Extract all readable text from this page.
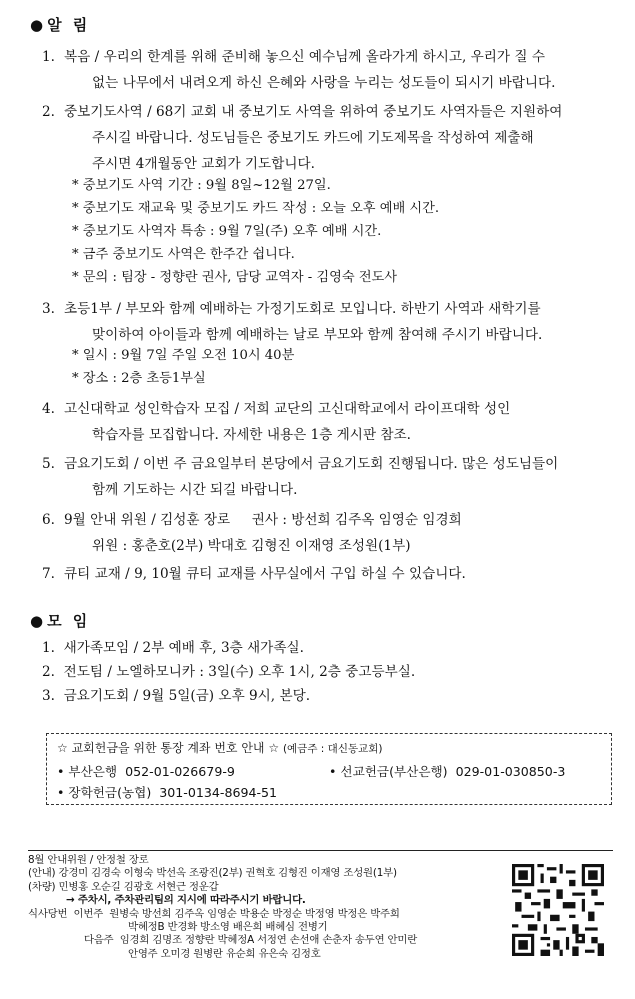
● 알 림
1. 복음 / 우리의 한계를 위해 준비해 놓으신 예수님께 올라가게 하시고, 우리가 질 수
없는 나무에서 내려오게 하신 은혜와 사랑을 누리는 성도들이 되시기 바랍니다.
2. 중보기도사역 / 68기 교회 내 중보기도 사역을 위하여 중보기도 사역자들은 지원하여
주시길 바랍니다. 성도님들은 중보기도 카드에 기도제목을 작성하여 제출해
주시면 4개월동안 교회가 기도합니다.
* 중보기도 사역 기간 : 9월 8일~12월 27일.
* 중보기도 재교육 및 중보기도 카드 작성 : 오늘 오후 예배 시간.
* 중보기도 사역자 특송 : 9월 7일(주) 오후 예배 시간.
* 금주 중보기도 사역은 한주간 쉽니다.
* 문의 : 팀장 - 정향란 권사, 담당 교역자 - 김영숙 전도사
3. 초등1부 / 부모와 함께 예배하는 가정기도회로 모입니다. 하반기 사역과 새학기를
맞이하여 아이들과 함께 예배하는 날로 부모와 함께 참여해 주시기 바랍니다.
* 일시 : 9월 7일 주일 오전 10시 40분
* 장소 : 2층 초등1부실
4. 고신대학교 성인학습자 모집 / 저희 교단의 고신대학교에서 라이프대학 성인
학습자를 모집합니다. 자세한 내용은 1층 게시판 참조.
5. 금요기도회 / 이번 주 금요일부터 본당에서 금요기도회 진행됩니다. 많은 성도님들이
함께 기도하는 시간 되길 바랍니다.
6. 9월 안내 위원 / 김성훈 장로     권사 : 방선희 김주옥 임영순 임경희
위원 : 홍춘호(2부) 박대호 김형진 이재영 조성원(1부)
7. 큐티 교재 / 9, 10월 큐티 교재를 사무실에서 구입 하실 수 있습니다.
● 모 임
1.  새가족모임 / 2부 예배 후, 3층 새가족실.
2.  전도팀 / 노엘하모니카 : 3일(수) 오후 1시, 2층 중고등부실.
3.  금요기도회 / 9월 5일(금) 오후 9시, 본당.
☆ 교회헌금을 위한 통장 계좌 번호 안내 ☆ (예금주 : 대신동교회)
• 부산은행 052-01-026679-9	• 선교헌금(부산은행) 029-01-030850-3
• 장학헌금(농협) 301-0134-8694-51
8월 안내위원 / 안정철 장로
(안내) 강경미 김경숙 이형숙 박선옥 조광진(2부) 권혁호 김형진 이재영 조성원(1부)
(차량) 민병홍 오순길 김광호 서현근 정운갑
→ 주차시, 주차관리팀의 지시에 따라주시기 바랍니다.
식사당번  이번주  원병숙 방선희 김주옥 임영순 박용순 박정순 박정영 박정은 박주희
박혜정B 반경화 방소영 배은희 배혜심 전병기
다음주  임경희 김명조 정향란 박혜정A 서정연 손선애 손춘자 송두연 안미란
안영주 오미경 원병란 유순희 유은숙 김정호
